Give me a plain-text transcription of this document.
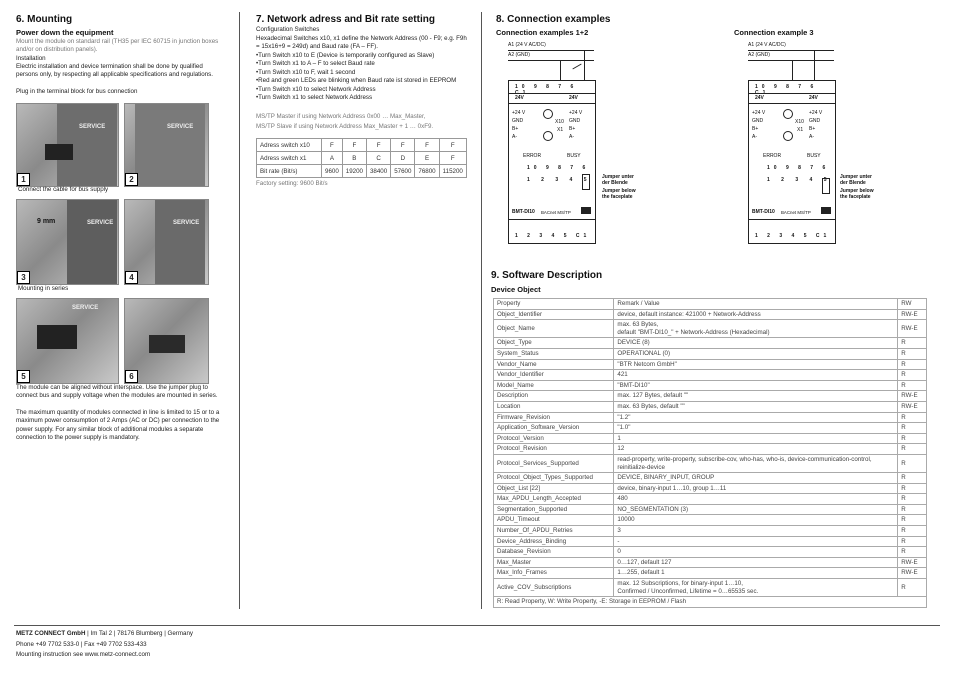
6. Mounting
Power down the equipment
Mount the module on standard rail (TH35 per IEC 60715 in junction boxes and/or on distribution panels).
Installation
Electric installation and device termination shall be done by qualified persons only, by respecting all applicable specifications and regulations.
Plug in the terminal block for bus connection
SERVICE
1
SERVICE
2
Connect the cable for bus supply
9 mm	SERVICE
3
SERVICE
4
Mounting in series
SERVICE
5	6
The module can be aligned without interspace. Use the jumper plug to connect bus and supply voltage when the modules are mounted in series.
The maximum quantity of modules connected in line is limited to 15 or to a maximum power consumption of 2 Amps (AC or DC) per connection to the power supply. For any similar block of additional modules a separate connection to the power supply is mandatory.
7. Network adress and Bit rate setting
Configuration Switches
Hexadecimal Switches x10, x1 define the Network Address (00 - F9; e.g. F9h = 15x16+9 = 249d) and Baud rate (FA – FF).
• Turn Switch x10 to E (Device is temporarily configured as Slave)
• Turn Switch x1 to A – F to select Baud rate
• Turn Switch x10 to F, wait 1 second
• Red and green LEDs are blinking when Baud rate ist stored in EEPROM
• Turn Switch x10 to select Network Address
• Turn Switch x1 to select Network Address
MS/TP Master if using Network Address 0x00 … Max_Master,
MS/TP Slave if using Network Address Max_Master + 1 … 0xF9.
Adress switch x10	F	F	F	F	F	F
Adress switch x1	A	B	C	D	E	F
Bit rate (Bit/s)	9600	19200	38400	57600	76800	115200
Factory setting: 9600 Bit/s
8. Connection examples
Connection examples 1+2	Connection example 3
A1 (24 V AC/DC)
A2 (GND)
10 9 8 7 6 C1
24V	24V
+24 V
GND
B+
A-
+24 V
GND
B+
A-
X10
X1
ERROR	BUSY
10 9 8 7 6
1 2 3 4 5
BMT-DI10 BACnet MS/TP
1 2 3 4 5 C1
Jumper unter der Blende
Jumper below the faceplate
A1 (24 V AC/DC)
A2 (GND)
10 9 8 7 6 C1
24V	24V
+24 V
GND
B+
A-
+24 V
GND
B+
A-
X10
X1
ERROR	BUSY
10 9 8 7 6
1 2 3 4 5
BMT-DI10 BACnet MS/TP
1 2 3 4 5 C1
Jumper unter der Blende
Jumper below the faceplate
9. Software Description
Device Object
Property	Remark / Value	RW
Object_Identifier	device, default instance: 421000 + Network-Address	RW-E
Object_Name	max. 63 Bytes,
default "BMT-DI10_" + Network-Address (Hexadecimal)	RW-E
Object_Type	DEVICE (8)	R
System_Status	OPERATIONAL (0)	R
Vendor_Name	"BTR Netcom GmbH"	R
Vendor_Identifier	421	R
Model_Name	"BMT-DI10"	R
Description	max. 127 Bytes, default ""	RW-E
Location	max. 63 Bytes, default ""	RW-E
Firmware_Revision	"1.2"	R
Application_Software_Version	"1.0"	R
Protocol_Version	1	R
Protocol_Revision	12	R
Protocol_Services_Supported	read-property, write-property, subscribe-cov, who-has, who-is, device-communication-control, reinitialize-device	R
Protocol_Object_Types_Supported	DEVICE, BINARY_INPUT, GROUP	R
Object_List [22]	device, binary-input 1…10, group 1…11	R
Max_APDU_Length_Accepted	480	R
Segmentation_Supported	NO_SEGMENTATION (3)	R
APDU_Timeout	10000	R
Number_Of_APDU_Retries	3	R
Device_Address_Binding	-	R
Database_Revision	0	R
Max_Master	0…127, default 127	RW-E
Max_Info_Frames	1…255, default 1	RW-E
Active_COV_Subscriptions	max. 12 Subscriptions, for binary-input 1…10,
Confirmed / Unconfirmed, Lifetime = 0…65535 sec.	R
R: Read Property, W: Write Property, -E: Storage in EEPROM / Flash		
METZ CONNECT GmbH | Im Tal 2 | 78176 Blumberg | Germany
Phone +49 7702 533-0 | Fax +49 7702 533-433
Mounting instruction see www.metz-connect.com
